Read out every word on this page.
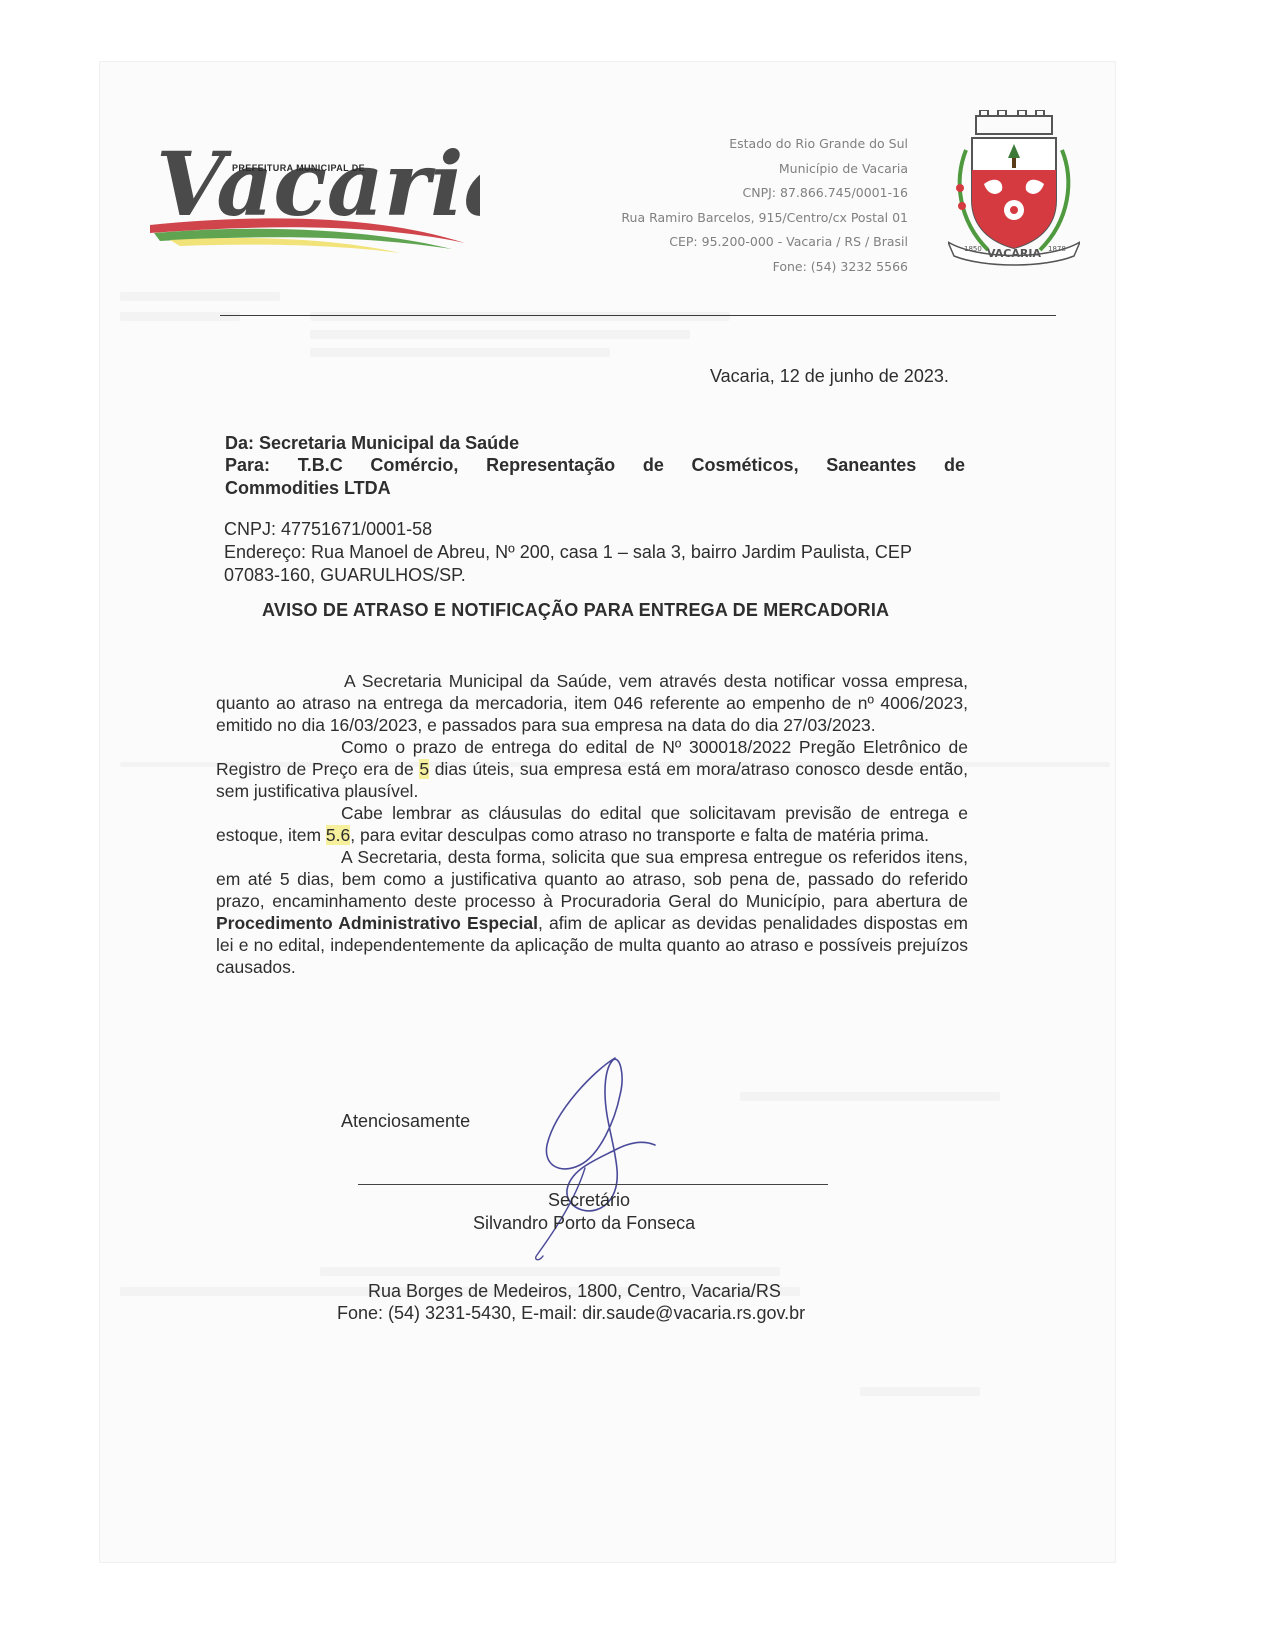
Vacari
PREFEITURA MUNICIPAL DE
Estado do Rio Grande do Sul
Município de Vacaria
CNPJ: 87.866.745/0001-16
Rua Ramiro Barcelos, 915/Centro/cx Postal 01
CEP: 95.200-000 - Vacaria / RS / Brasil
Fone: (54) 3232 5566
VACARIA
1850	1878
Vacaria, 12 de junho de 2023.
Da: Secretaria Municipal da Saúde
Para:  T.B.C  Comércio,  Representação  de  Cosméticos,  Saneantes  de
Commodities LTDA
CNPJ: 47751671/0001-58
Endereço: Rua Manoel de Abreu, Nº 200, casa 1 – sala 3, bairro Jardim Paulista, CEP
07083-160, GUARULHOS/SP.
AVISO DE ATRASO E NOTIFICAÇÃO PARA ENTREGA DE MERCADORIA

A Secretaria Municipal da Saúde, vem através desta notificar vossa empresa, quanto ao atraso na entrega da mercadoria, item 046 referente ao empenho de nº 4006/2023, emitido no dia 16/03/2023, e passados para sua empresa na data do dia 27/03/2023.

Como o prazo de entrega do edital de Nº 300018/2022 Pregão Eletrônico de Registro de Preço era de 5 dias úteis, sua empresa está em mora/atraso conosco desde então, sem justificativa plausível.

Cabe lembrar as cláusulas do edital que solicitavam previsão de entrega e estoque, item 5.6, para evitar desculpas como atraso no transporte e falta de matéria prima.

A Secretaria, desta forma, solicita que sua empresa entregue os referidos itens, em até 5 dias, bem como a justificativa quanto ao atraso, sob pena de, passado do referido prazo, encaminhamento deste processo à Procuradoria Geral do Município, para abertura de Procedimento Administrativo Especial, afim de aplicar as devidas penalidades dispostas em lei e no edital, independentemente da aplicação de multa quanto ao atraso e possíveis prejuízos causados.

Atenciosamente
Secretário
Silvandro Porto da Fonseca
Rua Borges de Medeiros, 1800, Centro, Vacaria/RS
Fone: (54) 3231-5430, E-mail: dir.saude@vacaria.rs.gov.br
